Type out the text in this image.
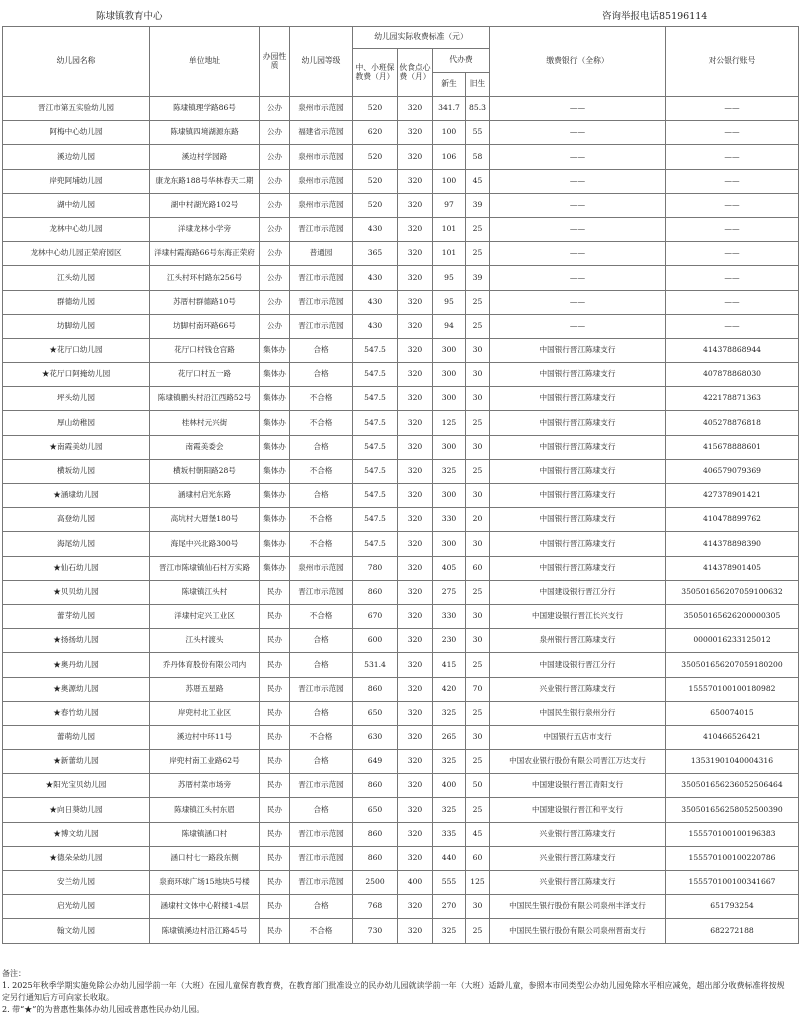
陈埭镇教育中心	咨询举报电话85196114
幼儿园名称	单位地址	办园性质	幼儿园等级	幼儿园实际收费标准（元）				缴费银行（全称）	对公银行账号
				中、小班保教费（月）	伙食点心费（月）	代办费			
						新生	旧生		
晋江市第五实验幼儿园	陈埭镇理学路86号	公办	泉州市示范园	520	320	341.7	85.3	——	——
阿梅中心幼儿园	陈埭镇四境湖源东路	公办	福建省示范园	620	320	100	55	——	——
溪边幼儿园	溪边村学园路	公办	泉州市示范园	520	320	106	58	——	——
岸兜阿埔幼儿园	康龙东路188号华林春天二期	公办	泉州市示范园	520	320	100	45	——	——
湖中幼儿园	湖中村湖光路102号	公办	泉州市示范园	520	320	97	39	——	——
龙林中心幼儿园	洋埭龙林小学旁	公办	晋江市示范园	430	320	101	25	——	——
龙林中心幼儿园正荣府园区	洋埭村霞海路66号东海正荣府	公办	普通园	365	320	101	25	——	——
江头幼儿园	江头村环村路东256号	公办	晋江市示范园	430	320	95	39	——	——
群德幼儿园	苏厝村群德路10号	公办	晋江市示范园	430	320	95	25	——	——
坊脚幼儿园	坊脚村南环路66号	公办	晋江市示范园	430	320	94	25	——	——
★花厅口幼儿园	花厅口村钱仓宫路	集体办	合格	547.5	320	300	30	中国银行晋江陈埭支行	414378868944
★花厅口阿掩幼儿园	花厅口村五一路	集体办	合格	547.5	320	300	30	中国银行晋江陈埭支行	407878868030
坪头幼儿园	陈埭镇鹏头村沿江西路52号	集体办	不合格	547.5	320	300	30	中国银行晋江陈埭支行	422178871363
厚山幼稚园	桂林村元兴街	集体办	不合格	547.5	320	125	25	中国银行晋江陈埭支行	405278876818
★南霞美幼儿园	南霞美委会	集体办	合格	547.5	320	300	30	中国银行晋江陈埭支行	415678888601
横坂幼儿园	横坂村朝阳路28号	集体办	不合格	547.5	320	325	25	中国银行晋江陈埭支行	406579079369
★涵埭幼儿园	涵埭村启光东路	集体办	合格	547.5	320	300	30	中国银行晋江陈埭支行	427378901421
高登幼儿园	高坑村大厝堡180号	集体办	不合格	547.5	320	330	20	中国银行晋江陈埭支行	410478899762
海尾幼儿园	海尾中兴北路300号	集体办	不合格	547.5	320	300	30	中国银行晋江陈埭支行	414378898390
★仙石幼儿园	晋江市陈埭镇仙石村万实路	集体办	泉州市示范园	780	320	405	60	中国银行晋江陈埭支行	414378901405
★贝贝幼儿园	陈埭镇江头村	民办	晋江市示范园	860	320	275	25	中国建设银行晋江分行	35050165620705910063​2
蕾芽幼儿园	洋埭村定兴工业区	民办	不合格	670	320	330	30	中国建设银行晋江长兴支行	35050165626200000305
★扬扬幼儿园	江头村渡头	民办	合格	600	320	230	30	泉州银行晋江陈埭支行	0000016233125012
★奥丹幼儿园	乔丹体育股份有限公司内	民办	合格	531.4	320	415	25	中国建设银行晋江分行	35050165620705918020​0
★奥源幼儿园	苏厝五星路	民办	晋江市示范园	860	320	420	70	兴业银行晋江陈埭支行	155570100100180982
★春竹幼儿园	岸兜村北工业区	民办	合格	650	320	325	25	中国民生银行泉州分行	650074015
蕾萌幼儿园	溪边村中环11号	民办	不合格	630	320	265	30	中国银行五店市支行	410466526421
★新蕾幼儿园	岸兜村南工业路62号	民办	合格	649	320	325	25	中国农业银行股份有限公司晋江万达支行	13531901040004316
★阳光宝贝幼儿园	苏厝村菜市场旁	民办	晋江市示范园	860	320	400	50	中国建设银行晋江青阳支行	35050165623605250646​4
★向日葵幼儿园	陈埭镇江头村东眉	民办	合格	650	320	325	25	中国建设银行晋江和平支行	35050165625805250039​0
★博文幼儿园	陈埭镇涵口村	民办	晋江市示范园	860	320	335	45	兴业银行晋江陈埭支行	155570100100196383
★德朵朵幼儿园	涵口村七一路段东侧	民办	晋江市示范园	860	320	440	60	兴业银行晋江陈埭支行	155570100100220786
安兰幼儿园	泉商环球广场15地块5号楼	民办	晋江市示范园	2500	400	555	125	兴业银行晋江陈埭支行	155570100100341667
启光幼儿园	涵埭村文体中心附楼1-4层	民办	合格	768	320	270	30	中国民生银行股份有限公司泉州丰泽支行	651793254
翰文幼儿园	陈埭镇溪边村沿江路45号	民办	不合格	730	320	325	25	中国民生银行股份有限公司泉州晋南支行	682272188
备注：
1. 2025年秋季学期实施免除公办幼儿园学前一年（大班）在园儿童保育教育费，在教育部门批准设立的民办幼儿园就读学前一年（大班）适龄儿童，参照本市同类型公办幼儿园免除水平相应减免，超出部分收费标准将按规定另行通知后方可向家长收取。
2. 带“★”的为普惠性集体办幼儿园或普惠性民办幼儿园。
